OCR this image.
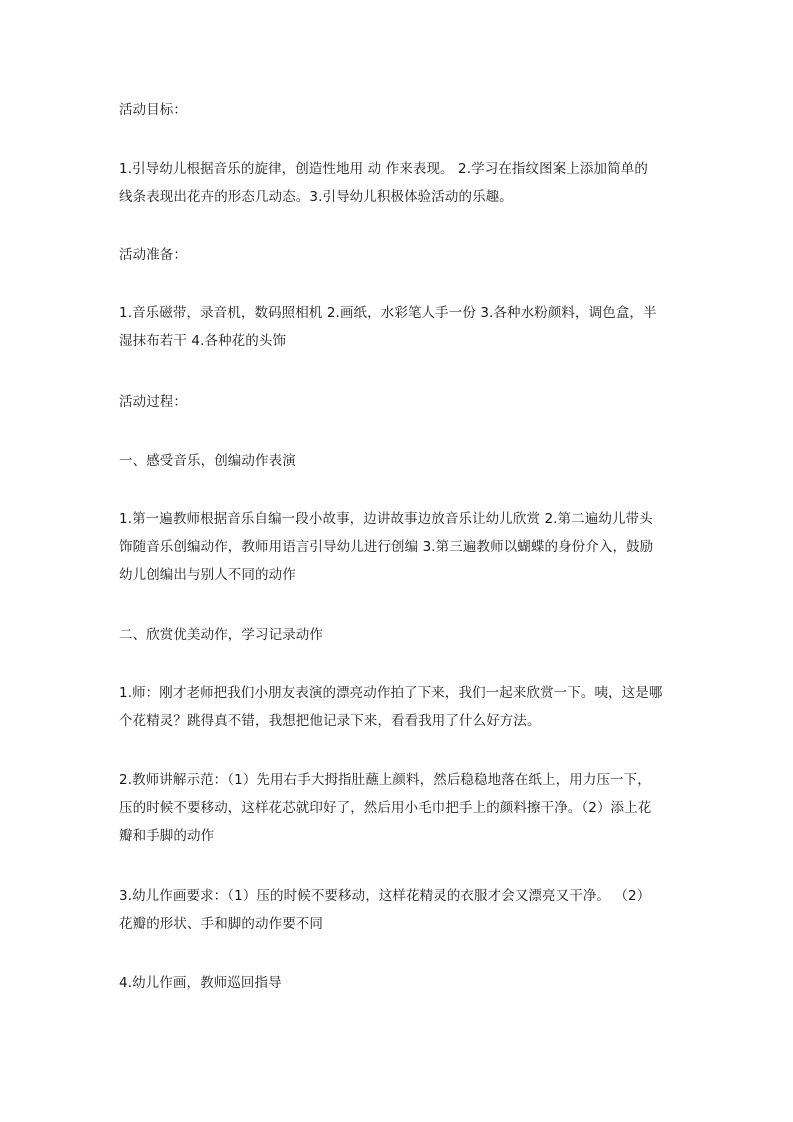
活动目标：
1.引导幼儿根据音乐的旋律，创造性地用 动 作来表现。 2.学习在指纹图案上添加简单的
线条表现出花卉的形态几动态。3.引导幼儿积极体验活动的乐趣。
活动准备：
1.音乐磁带，录音机，数码照相机 2.画纸，水彩笔人手一份 3.各种水粉颜料，调色盒，半
湿抹布若干 4.各种花的头饰
活动过程：
一、感受音乐，创编动作表演
1.第一遍教师根据音乐自编一段小故事，边讲故事边放音乐让幼儿欣赏 2.第二遍幼儿带头
饰随音乐创编动作，教师用语言引导幼儿进行创编 3.第三遍教师以蝴蝶的身份介入，鼓励
幼儿创编出与别人不同的动作
二、欣赏优美动作，学习记录动作
1.师：刚才老师把我们小朋友表演的漂亮动作拍了下来，我们一起来欣赏一下。咦，这是哪
个花精灵？跳得真不错，我想把他记录下来，看看我用了什么好方法。
2.教师讲解示范：（1）先用右手大拇指肚蘸上颜料，然后稳稳地落在纸上，用力压一下，
压的时候不要移动，这样花芯就印好了，然后用小毛巾把手上的颜料擦干净。（2）添上花
瓣和手脚的动作
3.幼儿作画要求：（1）压的时候不要移动，这样花精灵的衣服才会又漂亮又干净。 （2）
花瓣的形状、手和脚的动作要不同
4.幼儿作画，教师巡回指导
